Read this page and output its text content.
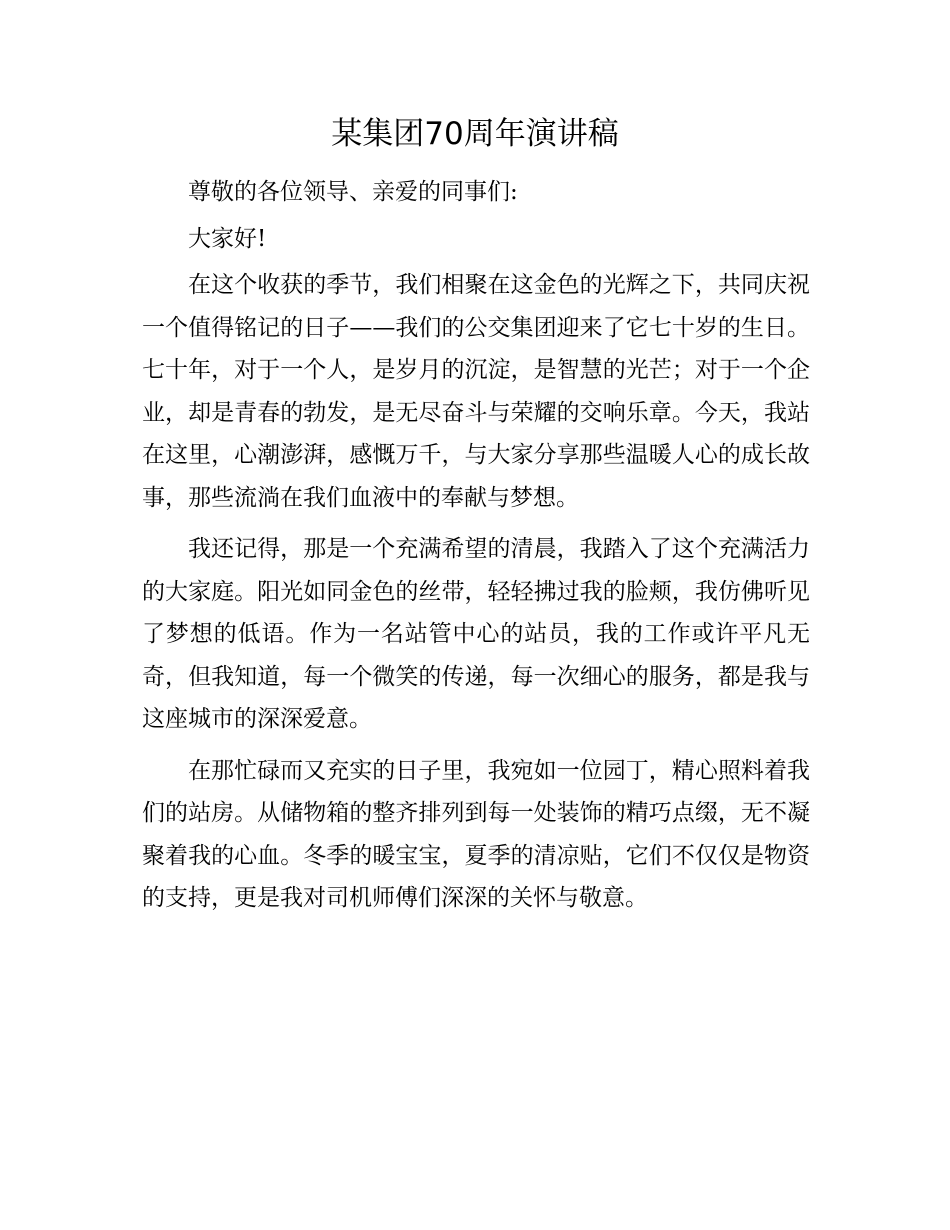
某集团70周年演讲稿

尊敬的各位领导、亲爱的同事们:

大家好!

在这个收获的季节，我们相聚在这金色的光辉之下，共同庆祝一个值得铭记的日子——我们的公交集团迎来了它七十岁的生日。七十年，对于一个人，是岁月的沉淀，是智慧的光芒；对于一个企业，却是青春的勃发，是无尽奋斗与荣耀的交响乐章。今天，我站在这里，心潮澎湃，感慨万千，与大家分享那些温暖人心的成长故事，那些流淌在我们血液中的奉献与梦想。

我还记得，那是一个充满希望的清晨，我踏入了这个充满活力的大家庭。阳光如同金色的丝带，轻轻拂过我的脸颊，我仿佛听见了梦想的低语。作为一名站管中心的站员，我的工作或许平凡无奇，但我知道，每一个微笑的传递，每一次细心的服务，都是我与这座城市的深深爱意。

在那忙碌而又充实的日子里，我宛如一位园丁，精心照料着我们的站房。从储物箱的整齐排列到每一处装饰的精巧点缀，无不凝聚着我的心血。冬季的暖宝宝，夏季的清凉贴，它们不仅仅是物资的支持，更是我对司机师傅们深深的关怀与敬意。
